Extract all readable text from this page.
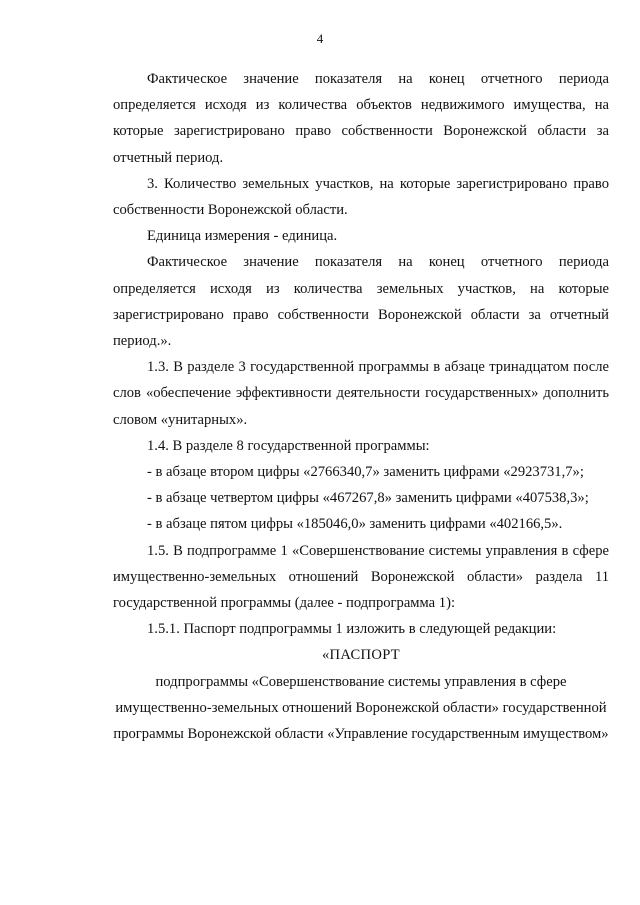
4

Фактическое значение показателя на конец отчетного периода определяется исходя из количества объектов недвижимого имущества, на которые зарегистрировано право собственности Воронежской области за отчетный период.

3. Количество земельных участков, на которые зарегистрировано право собственности Воронежской области.

Единица измерения - единица.

Фактическое значение показателя на конец отчетного периода определяется исходя из количества земельных участков, на которые зарегистрировано право собственности Воронежской области за отчетный период.».

1.3. В разделе 3 государственной программы в абзаце тринадцатом после слов «обеспечение эффективности деятельности государственных» дополнить словом «унитарных».

1.4. В разделе 8 государственной программы:

- в абзаце втором цифры «2766340,7» заменить цифрами «2923731,7»;

- в абзаце четвертом цифры «467267,8» заменить цифрами «407538,3»;

- в абзаце пятом цифры «185046,0» заменить цифрами «402166,5».

1.5. В подпрограмме 1 «Совершенствование системы управления в сфере имущественно-земельных отношений Воронежской области» раздела 11 государственной программы (далее - подпрограмма 1):

1.5.1. Паспорт подпрограммы 1 изложить в следующей редакции:

«ПАСПОРТ

подпрограммы «Совершенствование системы управления в сфере имущественно-земельных отношений Воронежской области» государственной программы Воронежской области «Управление государственным имуществом»
